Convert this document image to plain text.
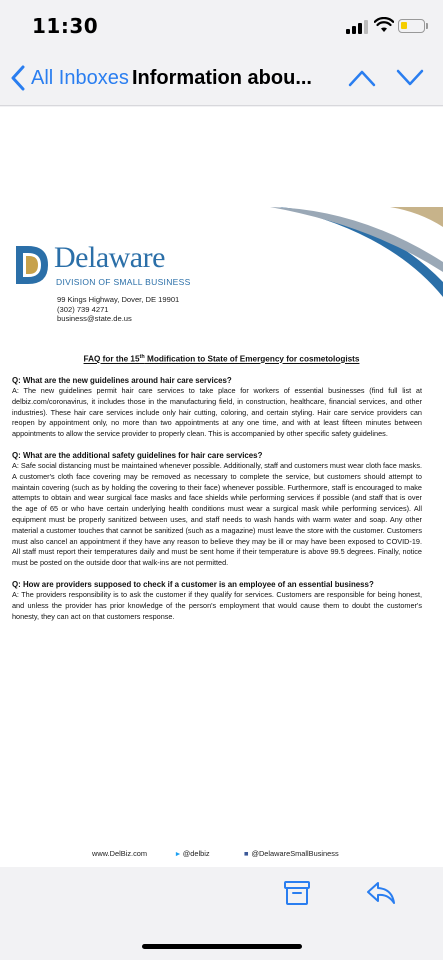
11:30
All Inboxes Information abou...
Delaware
DIVISION OF SMALL BUSINESS
99 Kings Highway, Dover, DE 19901
(302) 739 4271
business@state.de.us
FAQ for the 15th Modification to State of Emergency for cosmetologists
Q: What are the new guidelines around hair care services?
A: The new guidelines permit hair care services to take place for workers of essential businesses (find full list at delbiz.com/coronavirus, it includes those in the manufacturing field, in construction, healthcare, financial services, and other industries). These hair care services include only hair cutting, coloring, and certain styling. Hair care service providers can reopen by appointment only, no more than two appointments at any one time, and with at least fifteen minutes between appointments to allow the service provider to properly clean. This is accompanied by other specific safety guidelines.
Q: What are the additional safety guidelines for hair care services?
A: Safe social distancing must be maintained whenever possible. Additionally, staff and customers must wear cloth face masks. A customer's cloth face covering may be removed as necessary to complete the service, but customers should attempt to maintain covering (such as by holding the covering to their face) whenever possible. Furthermore, staff is encouraged to make attempts to obtain and wear surgical face masks and face shields while performing services if possible (and staff that is over the age of 65 or who have certain underlying health conditions must wear a surgical mask while performing services). All equipment must be properly sanitized between uses, and staff needs to wash hands with warm water and soap. Any other material a customer touches that cannot be sanitized (such as a magazine) must leave the store with the customer. Customers must also cancel an appointment if they have any reason to believe they may be ill or may have been exposed to COVID-19. All staff must report their temperatures daily and must be sent home if their temperature is above 99.5 degrees. Finally, notice must be posted on the outside door that walk-ins are not permitted.
Q: How are providers supposed to check if a customer is an employee of an essential business?
A: The providers responsibility is to ask the customer if they qualify for services. Customers are responsible for being honest, and unless the provider has prior knowledge of the person's employment that would cause them to doubt the customer's honesty, they can act on that customers response.
www.DelBiz.com	▸ @delbiz	■ @DelawareSmallBusiness
